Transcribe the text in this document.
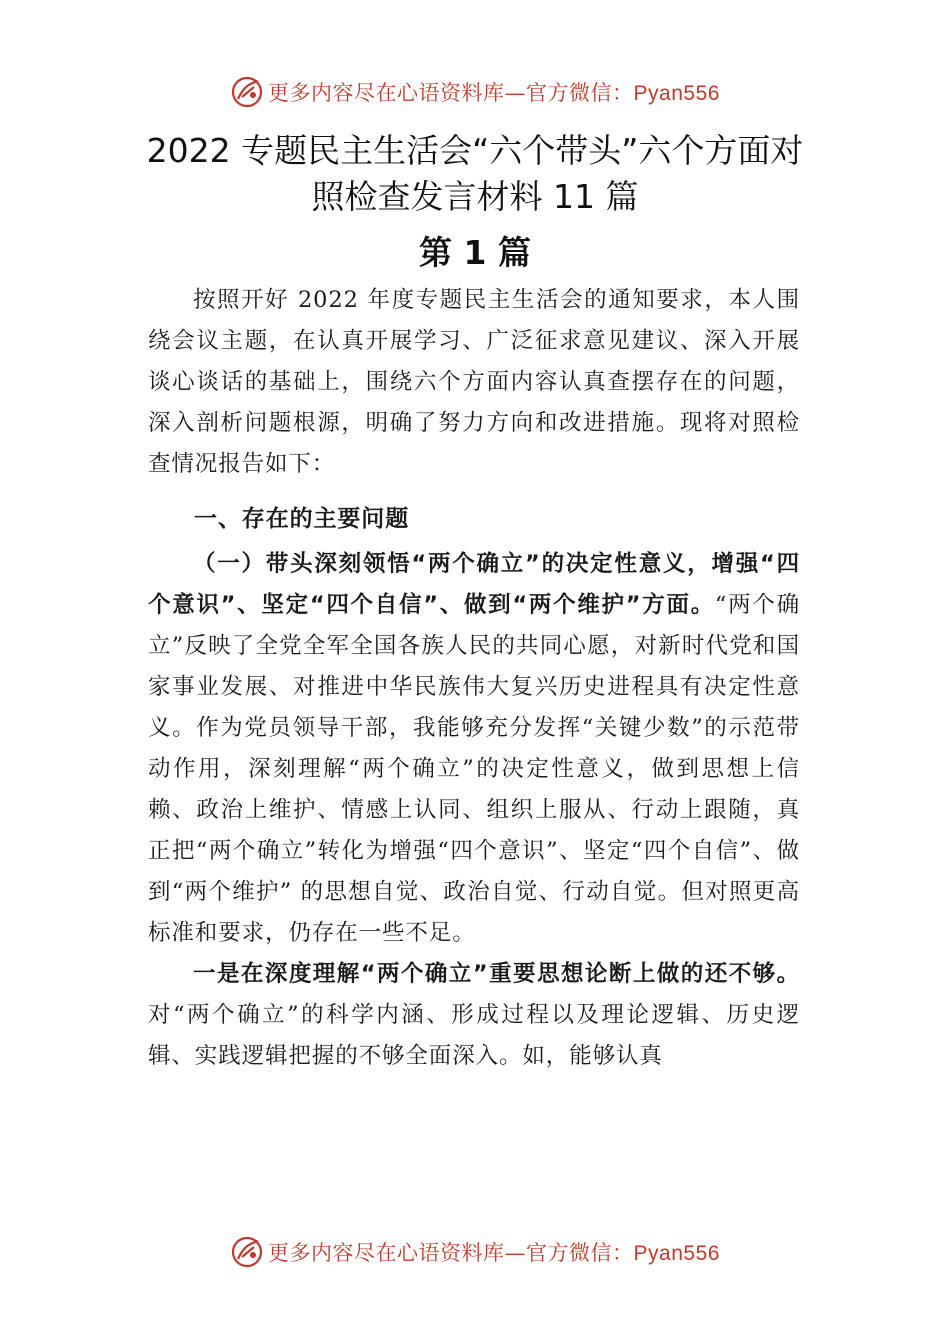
更多内容尽在心语资料库—官方微信：Pyan556
2022 专题民主生活会“六个带头”六个方面对
照检查发言材料 11 篇
第 1 篇

按照开好 2022 年度专题民主生活会的通知要求，本人围绕会议主题，在认真开展学习、广泛征求意见建议、深入开展谈心谈话的基础上，围绕六个方面内容认真查摆存在的问题，深入剖析问题根源，明确了努力方向和改进措施。现将对照检查情况报告如下：

一、存在的主要问题

（一）带头深刻领悟“两个确立”的决定性意义，增强“四个意识”、坚定“四个自信”、做到“两个维护”方面。“两个确立”反映了全党全军全国各族人民的共同心愿，对新时代党和国家事业发展、对推进中华民族伟大复兴历史进程具有决定性意义。作为党员领导干部，我能够充分发挥“关键少数”的示范带动作用，深刻理解“两个确立”的决定性意义，做到思想上信赖、政治上维护、情感上认同、组织上服从、行动上跟随，真正把“两个确立”转化为增强“四个意识”、坚定“四个自信”、做到“两个维护” 的思想自觉、政治自觉、行动自觉。但对照更高标准和要求，仍存在一些不足。

一是在深度理解“两个确立”重要思想论断上做的还不够。对“两个确立”的科学内涵、形成过程以及理论逻辑、历史逻辑、实践逻辑把握的不够全面深入。如，能够认真

更多内容尽在心语资料库—官方微信：Pyan556
